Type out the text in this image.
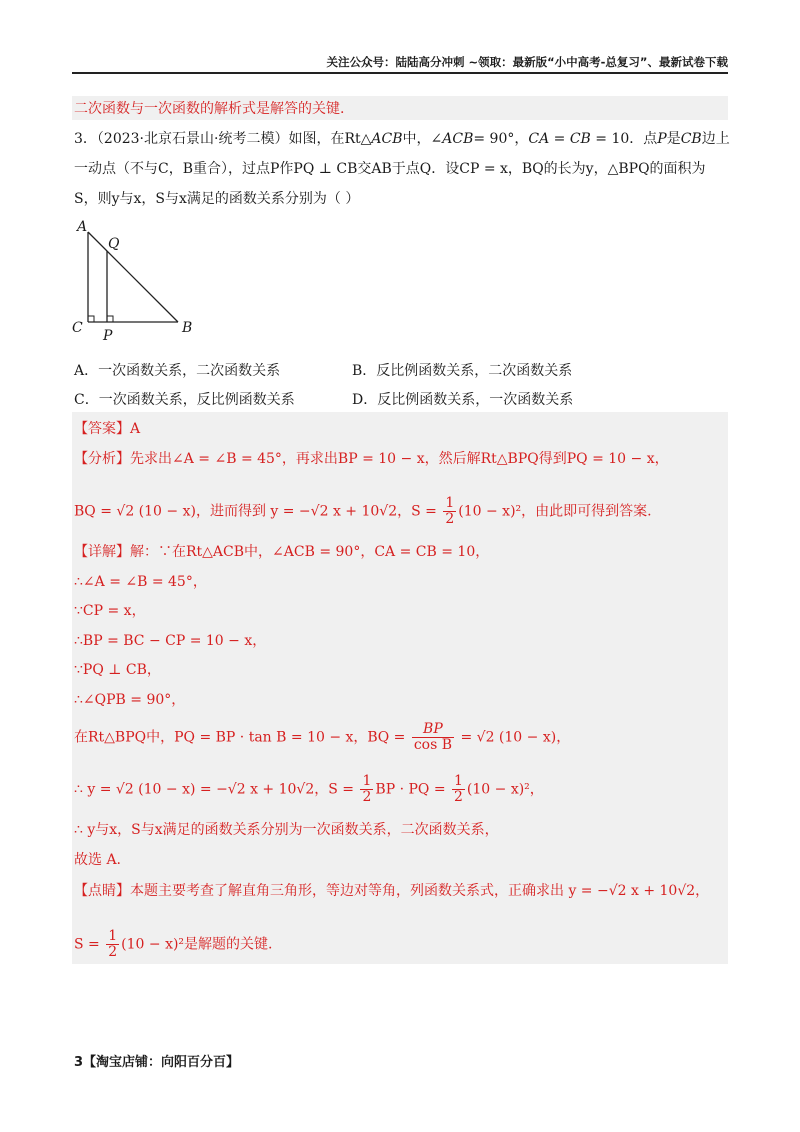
关注公众号：陆陆高分冲刺 ~领取：最新版“小中高考-总复习”、最新试卷下载
二次函数与一次函数的解析式是解答的关键.
3．（2023·北京石景山·统考二模）如图，在Rt△ACB中，∠ACB= 90°，CA = CB = 10．点P是CB边上
一动点（不与C，B重合），过点P作PQ ⊥ CB交AB于点Q．设CP = x，BQ的长为y，△BPQ的面积为
S，则y与x，S与x满足的函数关系分别为（ ）
A
Q
C P	B
A．一次函数关系，二次函数关系	B．反比例函数关系，二次函数关系
C．一次函数关系，反比例函数关系	D．反比例函数关系，一次函数关系
【答案】A
【分析】先求出∠A = ∠B = 45°，再求出BP = 10 − x，然后解Rt△BPQ得到PQ = 10 − x，
BQ = √2 (10 − x)，进而得到 y = −√2 x + 10√2，$S = \frac{1}{2} (10 - x)^2$，由此即可得到答案.
【详解】解：∵在Rt△ACB中，∠ACB = 90°，CA = CB = 10，
∴∠A = ∠B = 45°，
∵CP = x，
∴BP = BC − CP = 10 − x，
∵PQ ⊥ CB，
∴∠QPB = 90°，
在Rt△BPQ中，PQ = BP · tan B = 10 − x，BQ = $\frac{BP}{\text{cos B}} = √2$ (10 − x)，
∴ y = √2 (10 − x) = −√2 x + 10√2，$S = \frac{1}{2}$ BP · PQ = $\frac{1}{2} (10 - x)^2$，
∴ y与x，S与x满足的函数关系分别为一次函数关系，二次函数关系，
故选 A.
【点睛】本题主要考查了解直角三角形，等边对等角，列函数关系式，正确求出 y = −√2 x + 10√2，
$S = \frac{1}{2} (10 - x)^2$是解题的关键.
3【淘宝店铺：向阳百分百】
